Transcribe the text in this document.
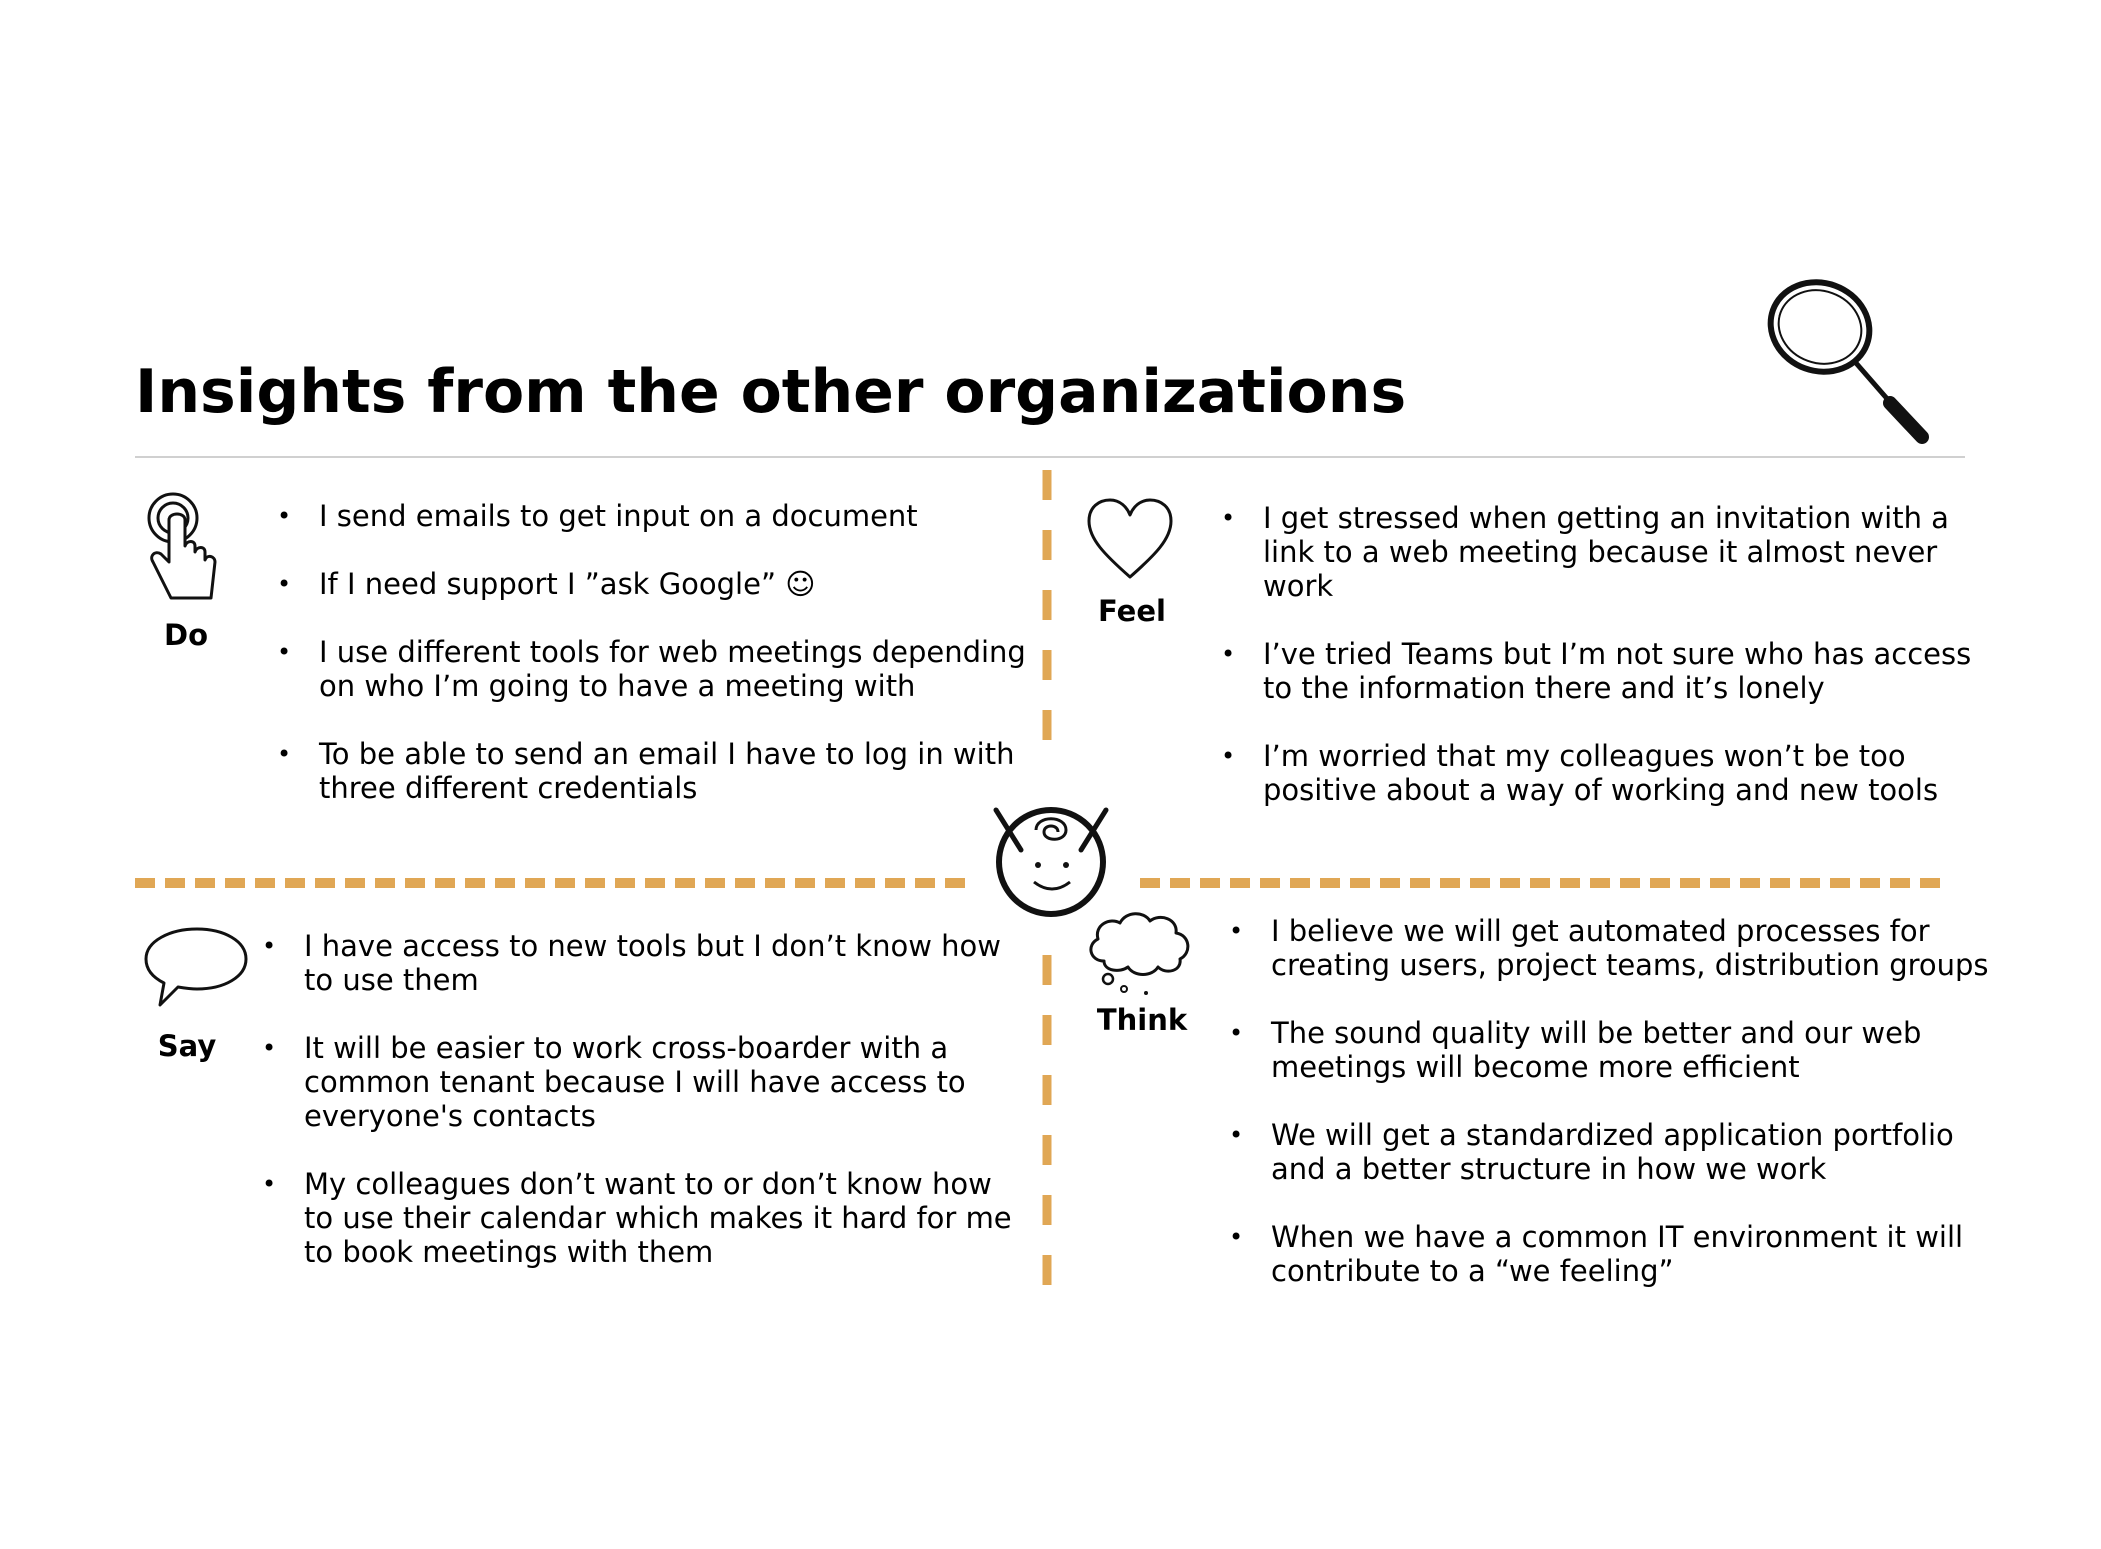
Insights from the other organizations
Do
• I send emails to get input on a document
• If I need support I ”ask Google” ☺
• I use different tools for web meetings depending on who I’m going to have a meeting with
• To be able to send an email I have to log in with three different credentials
Feel
• I get stressed when getting an invitation with a link to a web meeting because it almost never work
• I’ve tried Teams but I’m not sure who has access to the information there and it’s lonely
• I’m worried that my colleagues won’t be too positive about a way of working and new tools
Say
• I have access to new tools but I don’t know how to use them
• It will be easier to work cross-boarder with a common tenant because I will have access to everyone's contacts
• My colleagues don’t want to or don’t know how to use their calendar which makes it hard for me to book meetings with them
Think
• I believe we will get automated processes for creating users, project teams, distribution groups
• The sound quality will be better and our web meetings will become more efficient
• We will get a standardized application portfolio and a better structure in how we work
• When we have a common IT environment it will contribute to a “we feeling”
